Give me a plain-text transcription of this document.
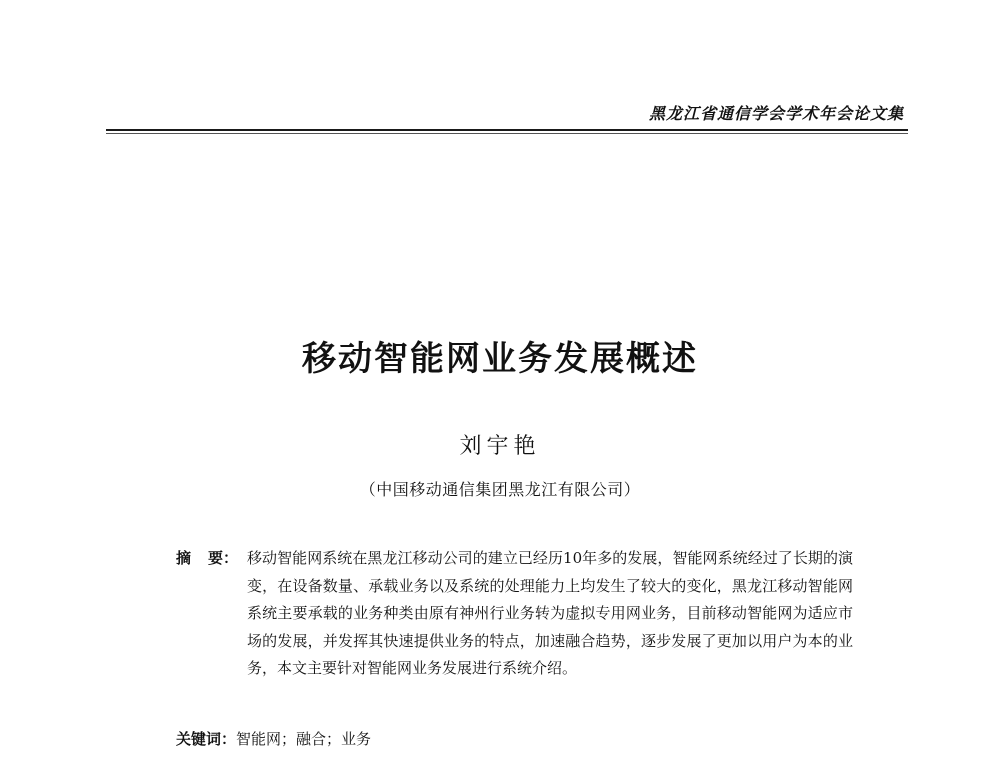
黑龙江省通信学会学术年会论文集
移动智能网业务发展概述
刘宇艳
（中国移动通信集团黑龙江有限公司）
摘 要： 移动智能网系统在黑龙江移动公司的建立已经历10年多的发展，智能网系统经过了长期的演变，在设备数量、承载业务以及系统的处理能力上均发生了较大的变化，黑龙江移动智能网系统主要承载的业务种类由原有神州行业务转为虚拟专用网业务，目前移动智能网为适应市场的发展，并发挥其快速提供业务的特点，加速融合趋势，逐步发展了更加以用户为本的业务，本文主要针对智能网业务发展进行系统介绍。
关键词：智能网；融合；业务
